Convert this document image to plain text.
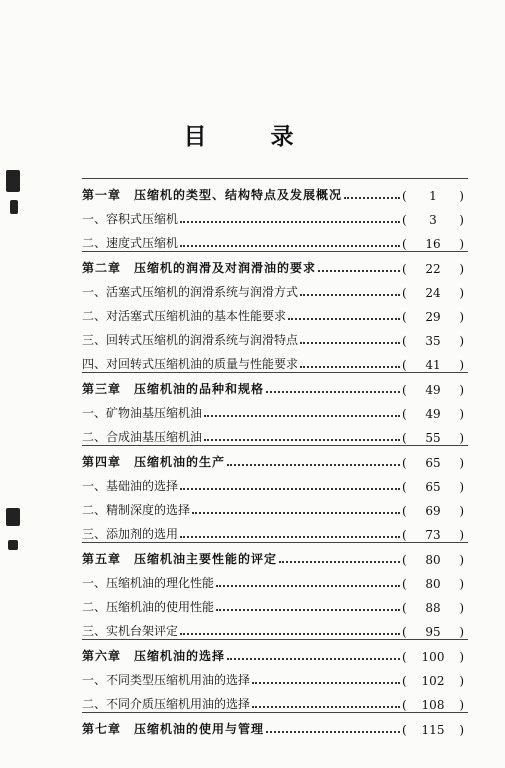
目 录
第一章　压缩机的类型、结构特点及发展概况	( 1 )
一、容积式压缩机	( 3 )
二、速度式压缩机	( 16 )
第二章　压缩机的润滑及对润滑油的要求	( 22 )
一、活塞式压缩机的润滑系统与润滑方式	( 24 )
二、对活塞式压缩机油的基本性能要求	( 29 )
三、回转式压缩机的润滑系统与润滑特点	( 35 )
四、对回转式压缩机油的质量与性能要求	( 41 )
第三章　压缩机油的品种和规格	( 49 )
一、矿物油基压缩机油	( 49 )
二、合成油基压缩机油	( 55 )
第四章　压缩机油的生产	( 65 )
一、基础油的选择	( 65 )
二、精制深度的选择	( 69 )
三、添加剂的选用	( 73 )
第五章　压缩机油主要性能的评定	( 80 )
一、压缩机油的理化性能	( 80 )
二、压缩机油的使用性能	( 88 )
三、实机台架评定	( 95 )
第六章　压缩机油的选择	( 100 )
一、不同类型压缩机用油的选择	( 102 )
二、不同介质压缩机用油的选择	( 108 )
第七章　压缩机油的使用与管理	( 115 )
